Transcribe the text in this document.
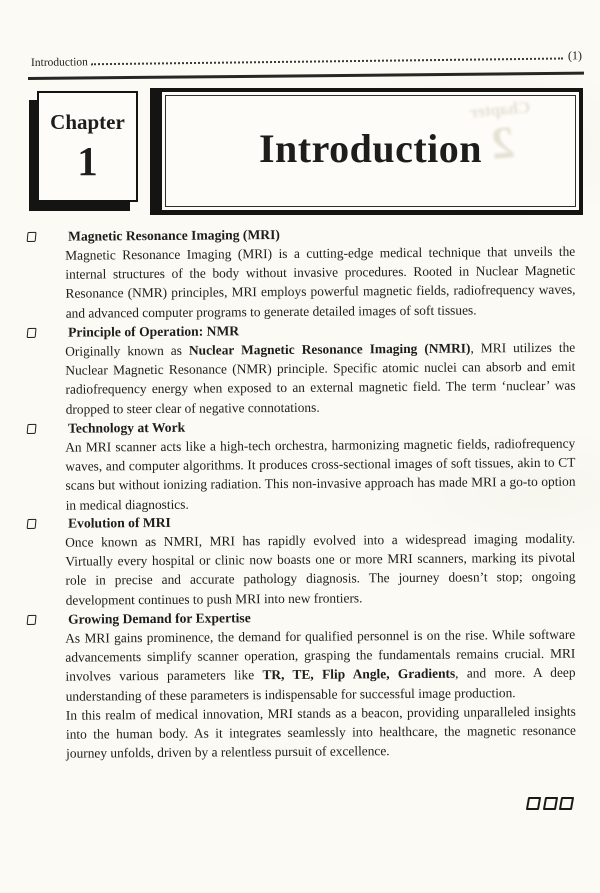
Introduction
(1)
Chapter
1
Chapter
2
Introduction
Magnetic Resonance Imaging (MRI)

Magnetic Resonance Imaging (MRI) is a cutting-edge medical technique that unveils the internal structures of the body without invasive procedures. Rooted in Nuclear Magnetic Resonance (NMR) principles, MRI employs powerful magnetic fields, radiofrequency waves, and advanced computer programs to generate detailed images of soft tissues.

Principle of Operation: NMR

Originally known as Nuclear Magnetic Resonance Imaging (NMRI), MRI utilizes the Nuclear Magnetic Resonance (NMR) principle. Specific atomic nuclei can absorb and emit radiofrequency energy when exposed to an external magnetic field. The term ‘nuclear’ was dropped to steer clear of negative connotations.

Technology at Work

An MRI scanner acts like a high-tech orchestra, harmonizing magnetic fields, radiofrequency waves, and computer algorithms. It produces cross-sectional images of soft tissues, akin to CT scans but without ionizing radiation. This non-invasive approach has made MRI a go-to option in medical diagnostics.

Evolution of MRI

Once known as NMRI, MRI has rapidly evolved into a widespread imaging modality. Virtually every hospital or clinic now boasts one or more MRI scanners, marking its pivotal role in precise and accurate pathology diagnosis. The journey doesn’t stop; ongoing development continues to push MRI into new frontiers.

Growing Demand for Expertise

As MRI gains prominence, the demand for qualified personnel is on the rise. While software advancements simplify scanner operation, grasping the fundamentals remains crucial. MRI involves various parameters like TR, TE, Flip Angle, Gradients, and more. A deep understanding of these parameters is indispensable for successful image production.

In this realm of medical innovation, MRI stands as a beacon, providing unparalleled insights into the human body. As it integrates seamlessly into healthcare, the magnetic resonance journey unfolds, driven by a relentless pursuit of excellence.
